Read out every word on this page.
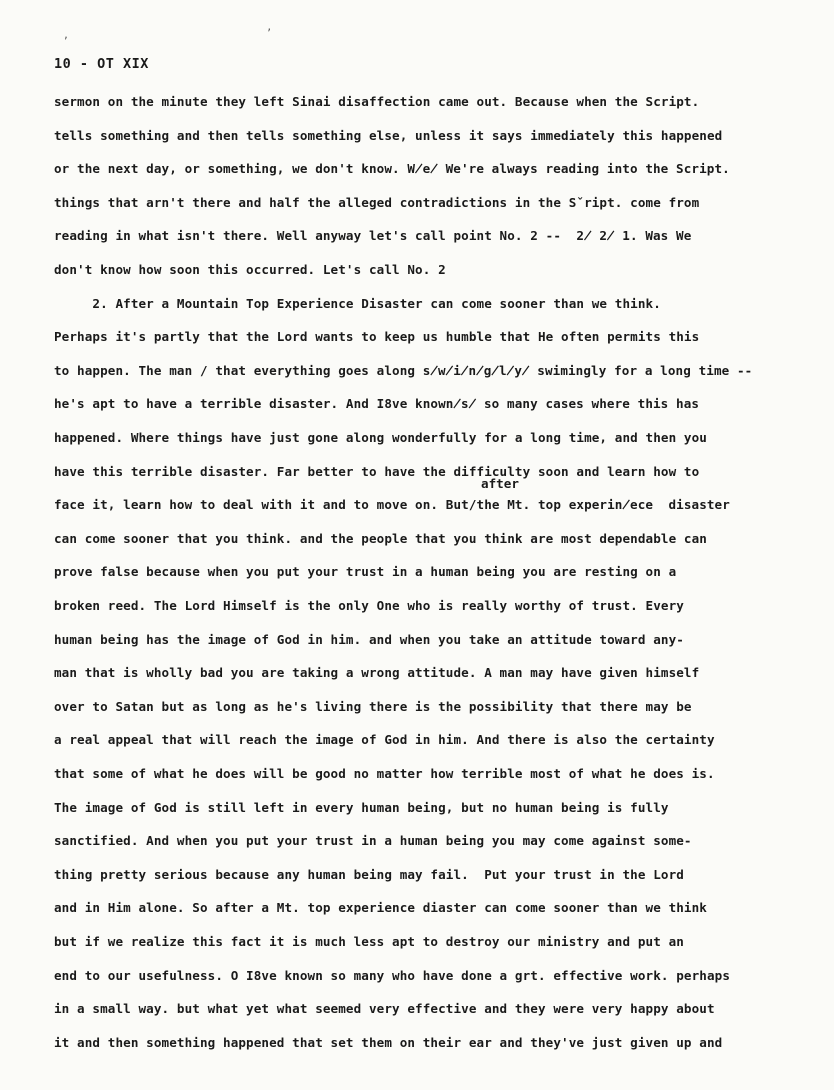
‚	’
10 - OT XIX
after
sermon on the minute they left Sinai disaffection came out. Because when the Script.
tells something and then tells something else, unless it says immediately this happened
or the next day, or something, we don't know. W̸e̸ We're always reading into the Script.
things that arn't there and half the alleged contradictions in the Sˇript. come from
reading in what isn't there. Well anyway let's call point No. 2 --  2̸ 2̸ 1. Was We
don't know how soon this occurred. Let's call No. 2
2. After a Mountain Top Experience Disaster can come sooner than we think.
Perhaps it's partly that the Lord wants to keep us humble that He often permits this
to happen. The man / that everything goes along s̸w̸i̸n̸g̸l̸y̸ swimingly for a long time --
he's apt to have a terrible disaster. And I8ve known̸s̸ so many cases where this has
happened. Where things have just gone along wonderfully for a long time, and then you
have this terrible disaster. Far better to have the difficulty soon and learn how to
face it, learn how to deal with it and to move on. But/the Mt. top experin̸ece  disaster
can come sooner that you think. and the people that you think are most dependable can
prove false because when you put your trust in a human being you are resting on a
broken reed. The Lord Himself is the only One who is really worthy of trust. Every
human being has the image of God in him. and when you take an attitude toward any-
man that is wholly bad you are taking a wrong attitude. A man may have given himself
over to Satan but as long as he's living there is the possibility that there may be
a real appeal that will reach the image of God in him. And there is also the certainty
that some of what he does will be good no matter how terrible most of what he does is.
The image of God is still left in every human being, but no human being is fully
sanctified. And when you put your trust in a human being you may come against some-
thing pretty serious because any human being may fail.  Put your trust in the Lord
and in Him alone. So after a Mt. top experience diaster can come sooner than we think
but if we realize this fact it is much less apt to destroy our ministry and put an
end to our usefulness. O I8ve known so many who have done a grt. effective work. perhaps
in a small way. but what yet what seemed very effective and they were very happy about
it and then something happened that set them on their ear and they've just given up and
